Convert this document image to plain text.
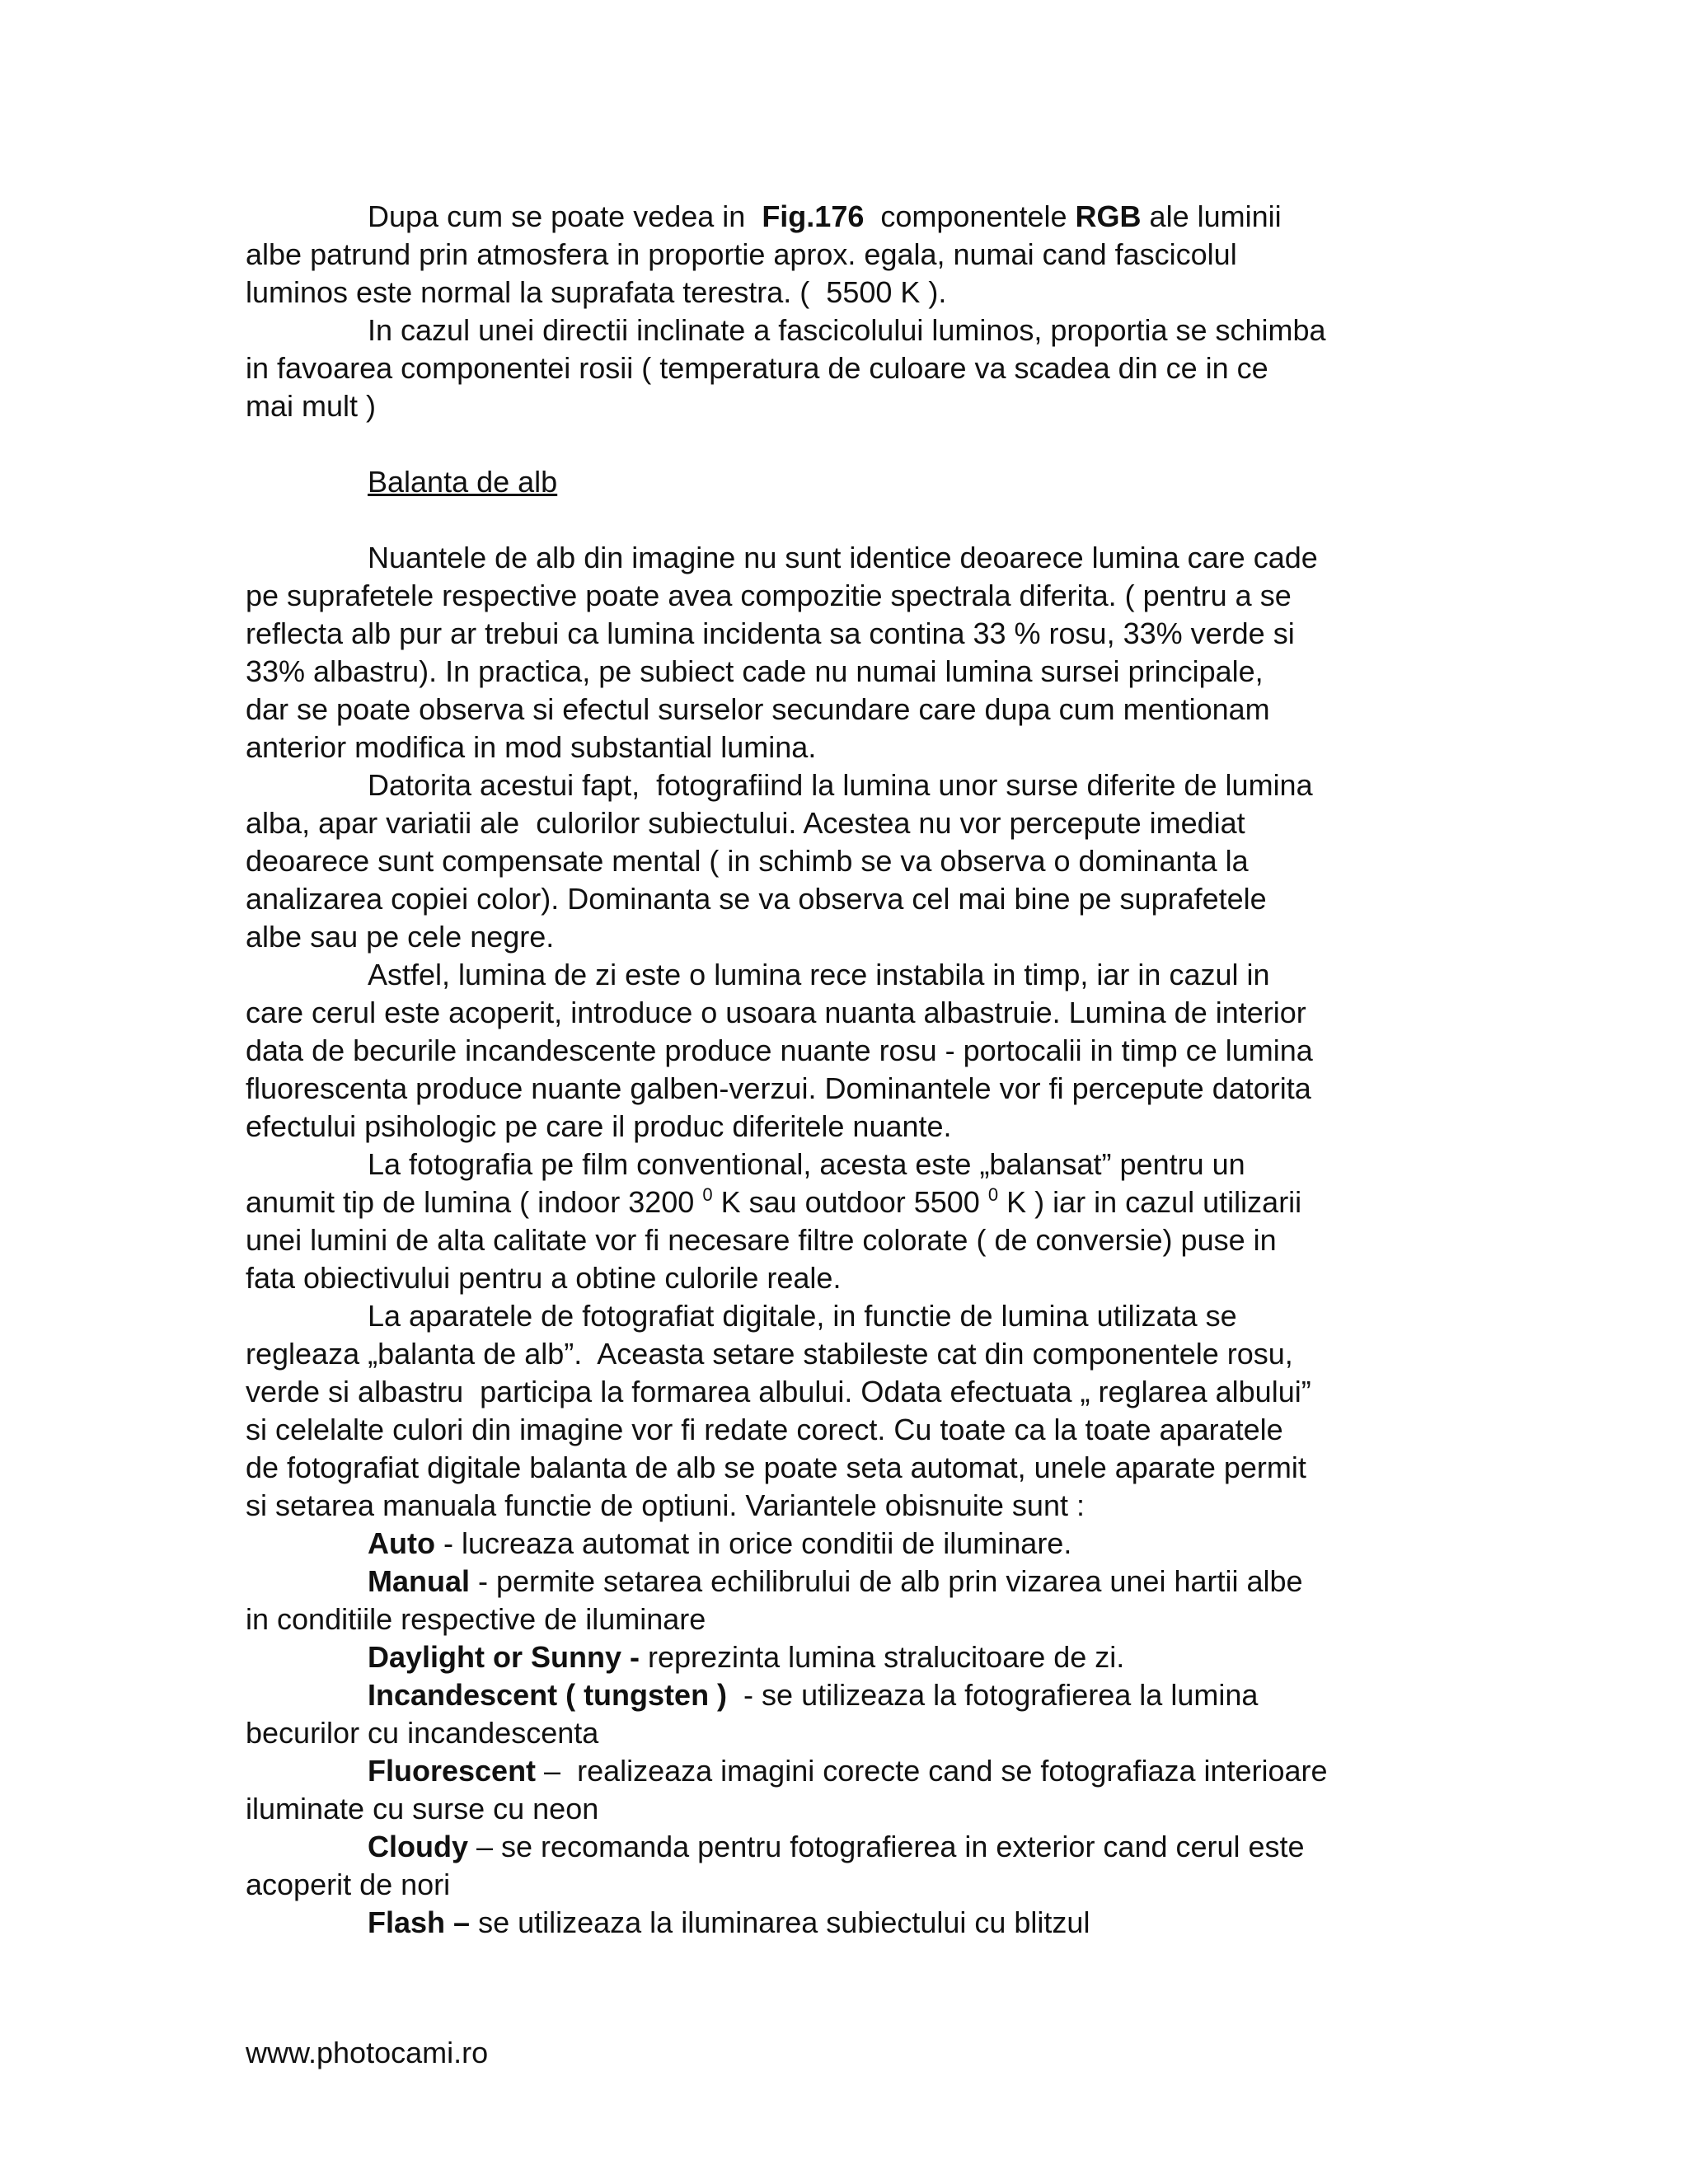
Dupa cum se poate vedea in  Fig.176  componentele RGB ale luminii
albe patrund prin atmosfera in proportie aprox. egala, numai cand fascicolul
luminos este normal la suprafata terestra. (  5500 K ).
In cazul unei directii inclinate a fascicolului luminos, proportia se schimba
in favoarea componentei rosii ( temperatura de culoare va scadea din ce in ce
mai mult )
Balanta de alb
Nuantele de alb din imagine nu sunt identice deoarece lumina care cade
pe suprafetele respective poate avea compozitie spectrala diferita. ( pentru a se
reflecta alb pur ar trebui ca lumina incidenta sa contina 33 % rosu, 33% verde si
33% albastru). In practica, pe subiect cade nu numai lumina sursei principale,
dar se poate observa si efectul surselor secundare care dupa cum mentionam
anterior modifica in mod substantial lumina.
Datorita acestui fapt,  fotografiind la lumina unor surse diferite de lumina
alba, apar variatii ale  culorilor subiectului. Acestea nu vor percepute imediat
deoarece sunt compensate mental ( in schimb se va observa o dominanta la
analizarea copiei color). Dominanta se va observa cel mai bine pe suprafetele
albe sau pe cele negre.
Astfel, lumina de zi este o lumina rece instabila in timp, iar in cazul in
care cerul este acoperit, introduce o usoara nuanta albastruie. Lumina de interior
data de becurile incandescente produce nuante rosu - portocalii in timp ce lumina
fluorescenta produce nuante galben-verzui. Dominantele vor fi percepute datorita
efectului psihologic pe care il produc diferitele nuante.
La fotografia pe film conventional, acesta este „balansat” pentru un
anumit tip de lumina ( indoor 3200 $^0$ K sau outdoor 5500 $^0$ K ) iar in cazul utilizarii
unei lumini de alta calitate vor fi necesare filtre colorate ( de conversie) puse in
fata obiectivului pentru a obtine culorile reale.
La aparatele de fotografiat digitale, in functie de lumina utilizata se
regleaza „balanta de alb”.  Aceasta setare stabileste cat din componentele rosu,
verde si albastru  participa la formarea albului. Odata efectuata „ reglarea albului”
si celelalte culori din imagine vor fi redate corect. Cu toate ca la toate aparatele
de fotografiat digitale balanta de alb se poate seta automat, unele aparate permit
si setarea manuala functie de optiuni. Variantele obisnuite sunt :
Auto - lucreaza automat in orice conditii de iluminare.
Manual - permite setarea echilibrului de alb prin vizarea unei hartii albe
in conditiile respective de iluminare
Daylight or Sunny - reprezinta lumina stralucitoare de zi.
Incandescent ( tungsten )  - se utilizeaza la fotografierea la lumina
becurilor cu incandescenta
Fluorescent –  realizeaza imagini corecte cand se fotografiaza interioare
iluminate cu surse cu neon
Cloudy – se recomanda pentru fotografierea in exterior cand cerul este
acoperit de nori
Flash – se utilizeaza la iluminarea subiectului cu blitzul
www.photocami.ro
